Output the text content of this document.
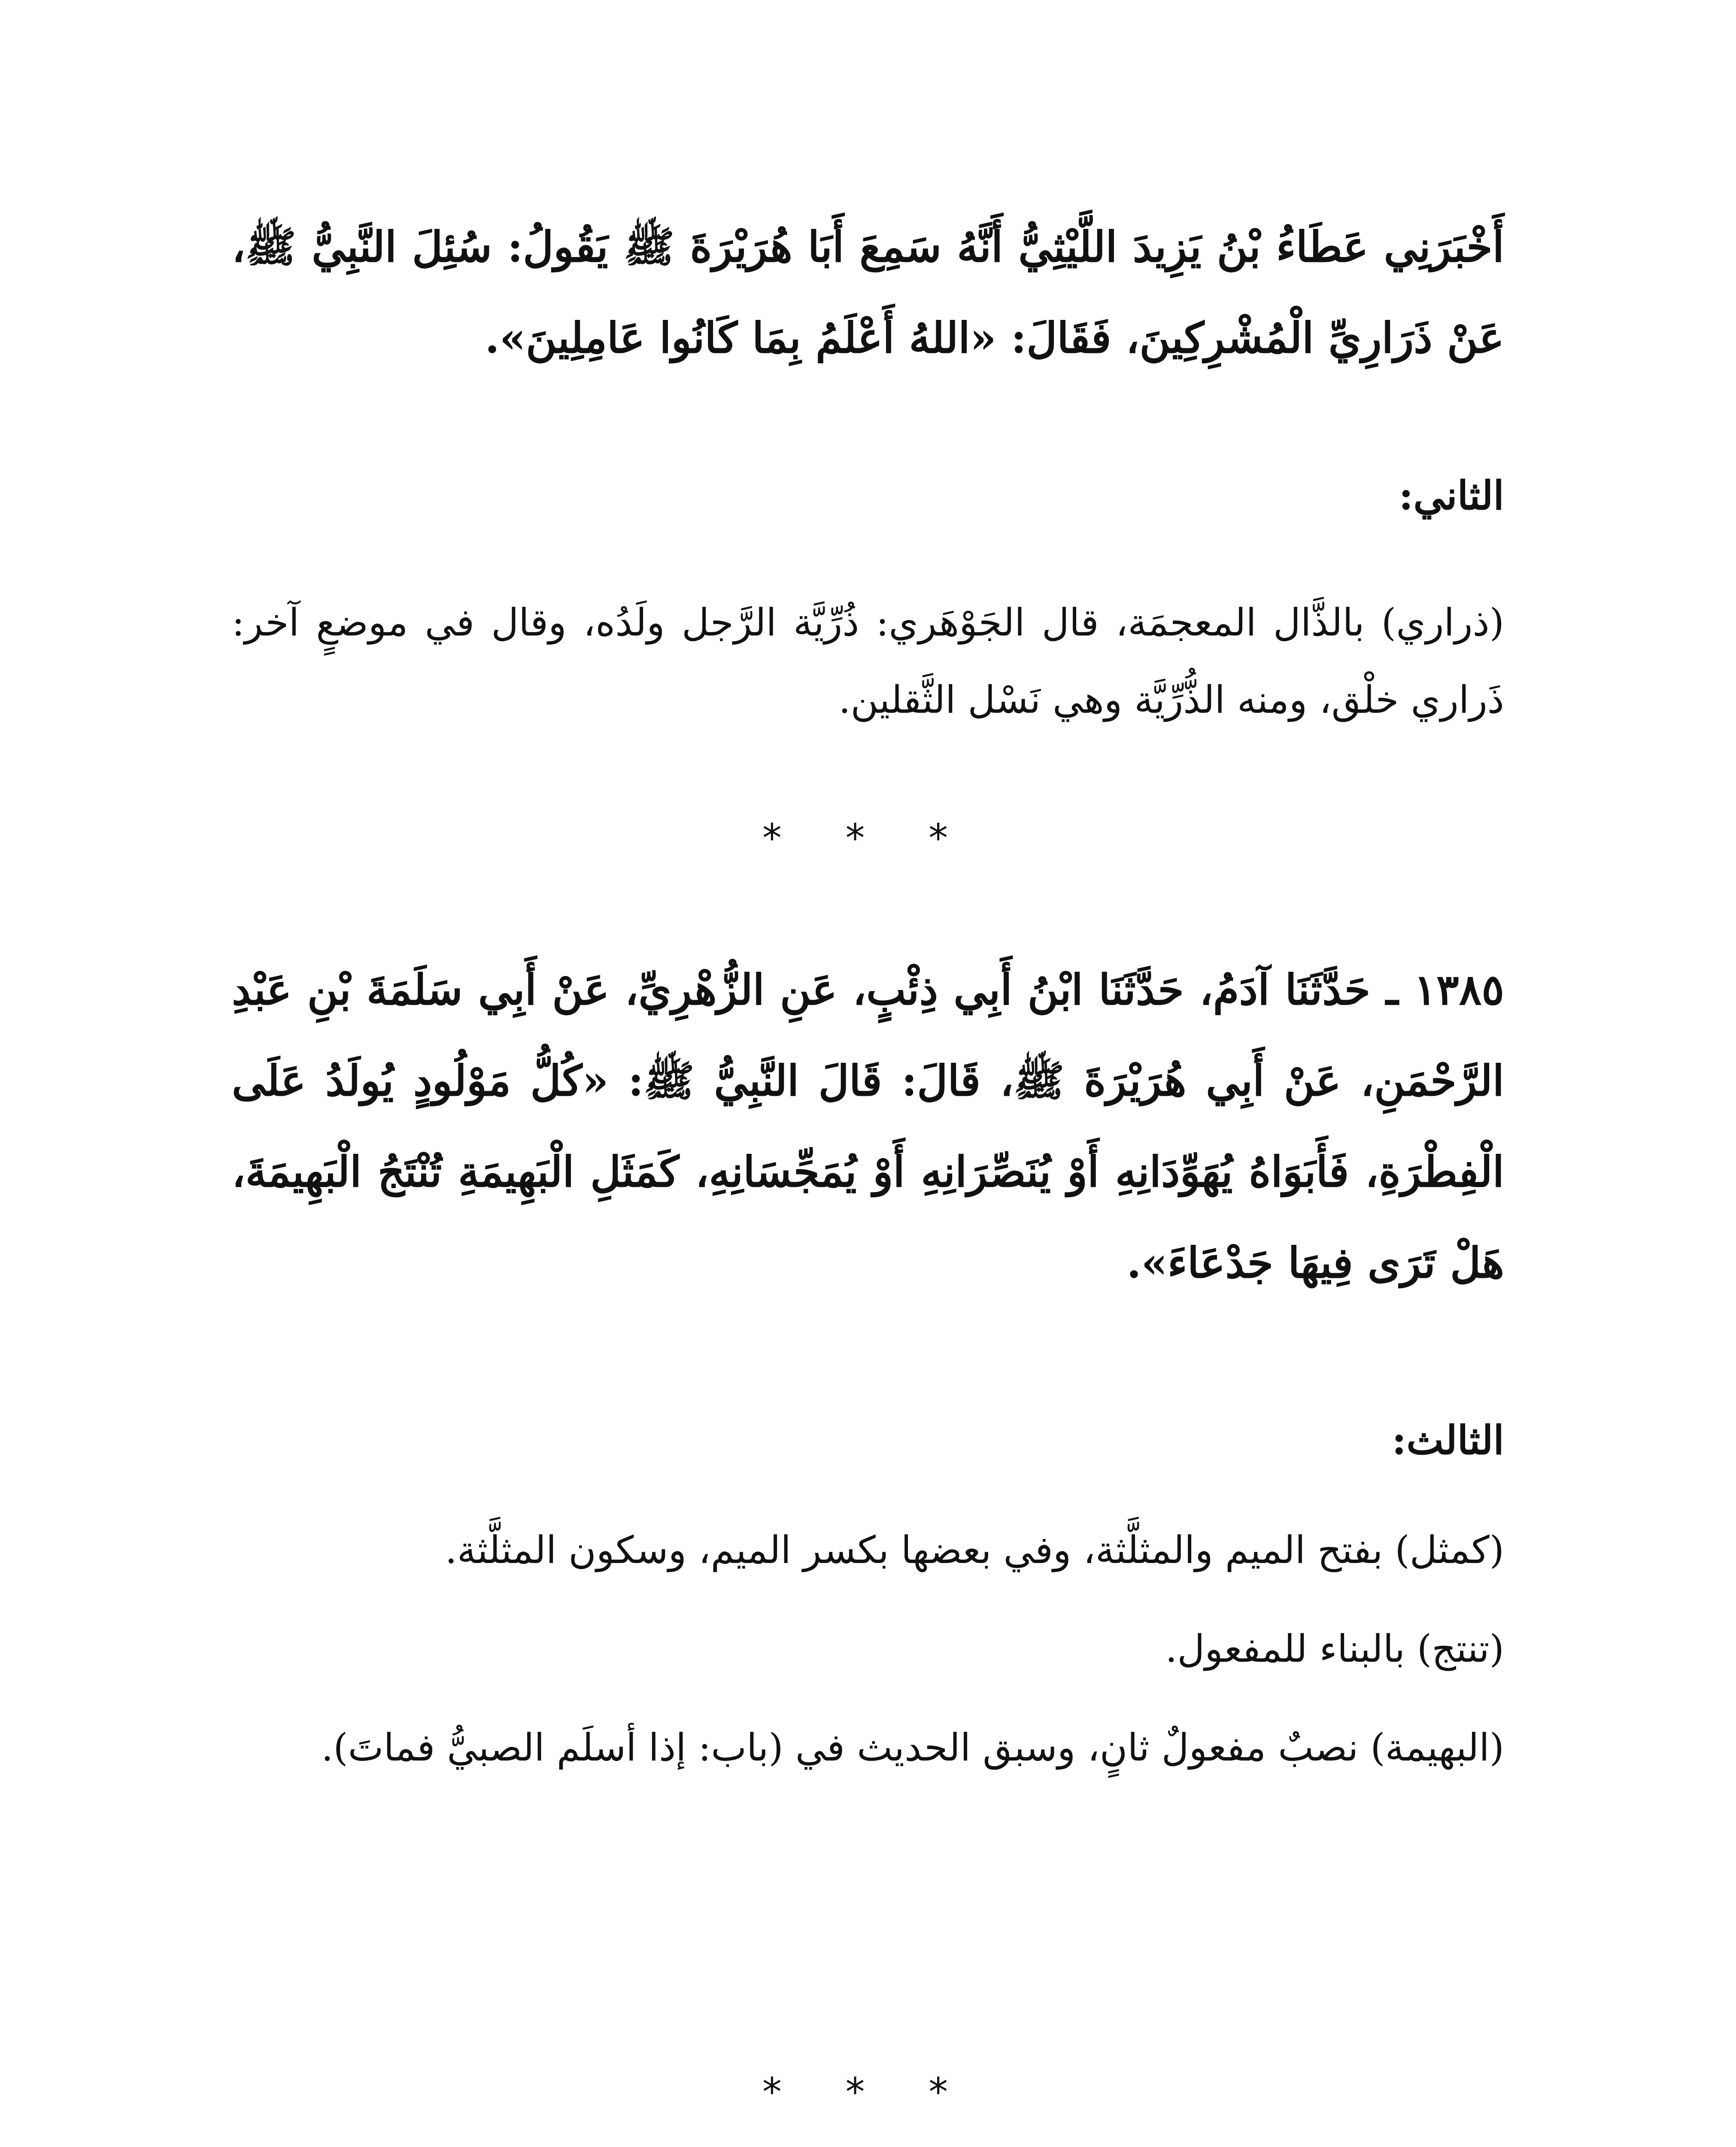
أَخْبَرَنِي عَطَاءُ بْنُ يَزِيدَ اللَّيْثِيُّ أَنَّهُ سَمِعَ أَبَا هُرَيْرَةَ ﷺ يَقُولُ: سُئِلَ النَّبِيُّ ﷺ، عَنْ ذَرَارِيِّ الْمُشْرِكِينَ، فَقَالَ: «اللهُ أَعْلَمُ بِمَا كَانُوا عَامِلِينَ».

الثاني:

(ذراري) بالذَّال المعجمَة، قال الجَوْهَري: ذُرِّيَّة الرَّجل ولَدُه، وقال في موضعٍ آخر: ذَراري خلْق، ومنه الذُّرِّيَّة وهي نَسْل الثَّقلين.

* * *

١٣٨٥ ـ حَدَّثَنَا آدَمُ، حَدَّثَنَا ابْنُ أَبِي ذِئْبٍ، عَنِ الزُّهْرِيِّ، عَنْ أَبِي سَلَمَةَ بْنِ عَبْدِ الرَّحْمَنِ، عَنْ أَبِي هُرَيْرَةَ ﷺ، قَالَ: قَالَ النَّبِيُّ ﷺ: «كُلُّ مَوْلُودٍ يُولَدُ عَلَى الْفِطْرَةِ، فَأَبَوَاهُ يُهَوِّدَانِهِ أَوْ يُنَصِّرَانِهِ أَوْ يُمَجِّسَانِهِ، كَمَثَلِ الْبَهِيمَةِ تُنْتَجُ الْبَهِيمَةَ، هَلْ تَرَى فِيهَا جَدْعَاءَ».

الثالث:

(كمثل) بفتح الميم والمثلَّثة، وفي بعضها بكسر الميم، وسكون المثلَّثة.

(تنتج) بالبناء للمفعول.

(البهيمة) نصبٌ مفعولٌ ثانٍ، وسبق الحديث في (باب: إذا أسلَم الصبيُّ فماتَ).

* * *
